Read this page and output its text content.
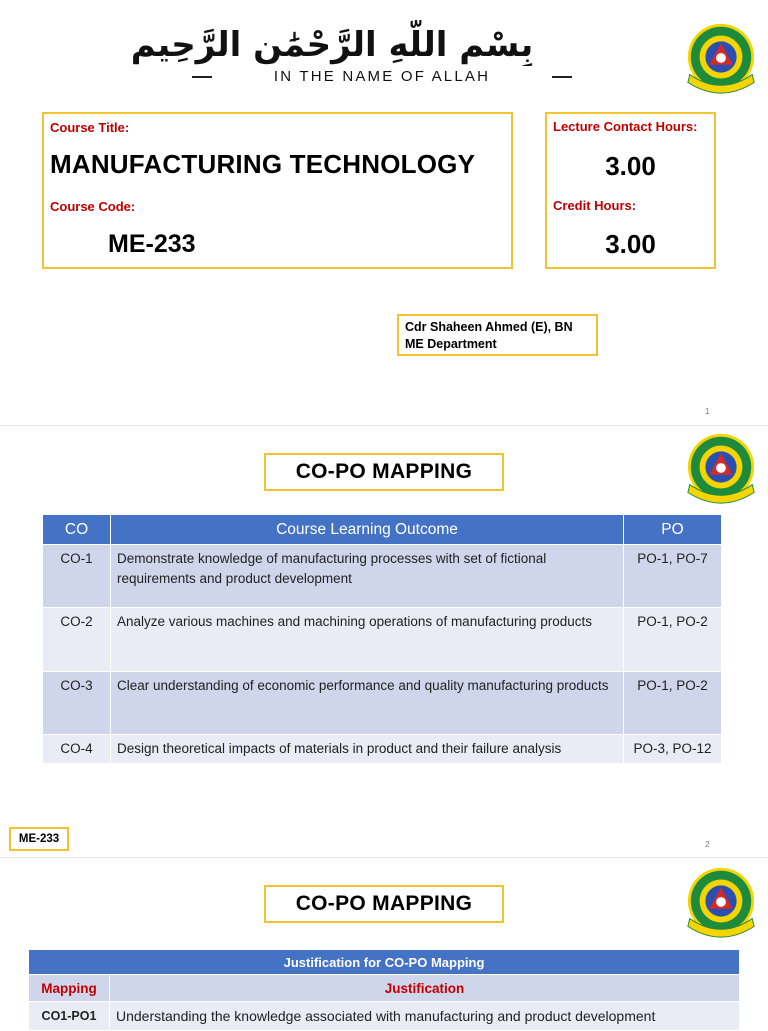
بِسْمِ اللَّهِ الرَّحْمَٰنِ الرَّحِيمِ
IN THE NAME OF ALLAH
Course Title:
MANUFACTURING TECHNOLOGY
Course Code:
ME-233
Lecture Contact Hours:
3.00
Credit Hours:
3.00
Cdr Shaheen Ahmed (E), BN
ME Department
1
CO-PO MAPPING
CO	Course Learning Outcome	PO
CO-1	Demonstrate knowledge of manufacturing processes with set of fictional requirements and product development	PO-1, PO-7
CO-2	Analyze various machines and machining operations of manufacturing products	PO-1, PO-2
CO-3	Clear understanding of economic performance and quality manufacturing products	PO-1, PO-2
CO-4	Design theoretical impacts of materials in product and their failure analysis	PO-3, PO-12
ME-233	2
CO-PO MAPPING
Justification for CO-PO Mapping	
Mapping	Justification
CO1-PO1	Understanding the knowledge associated with manufacturing and product development
